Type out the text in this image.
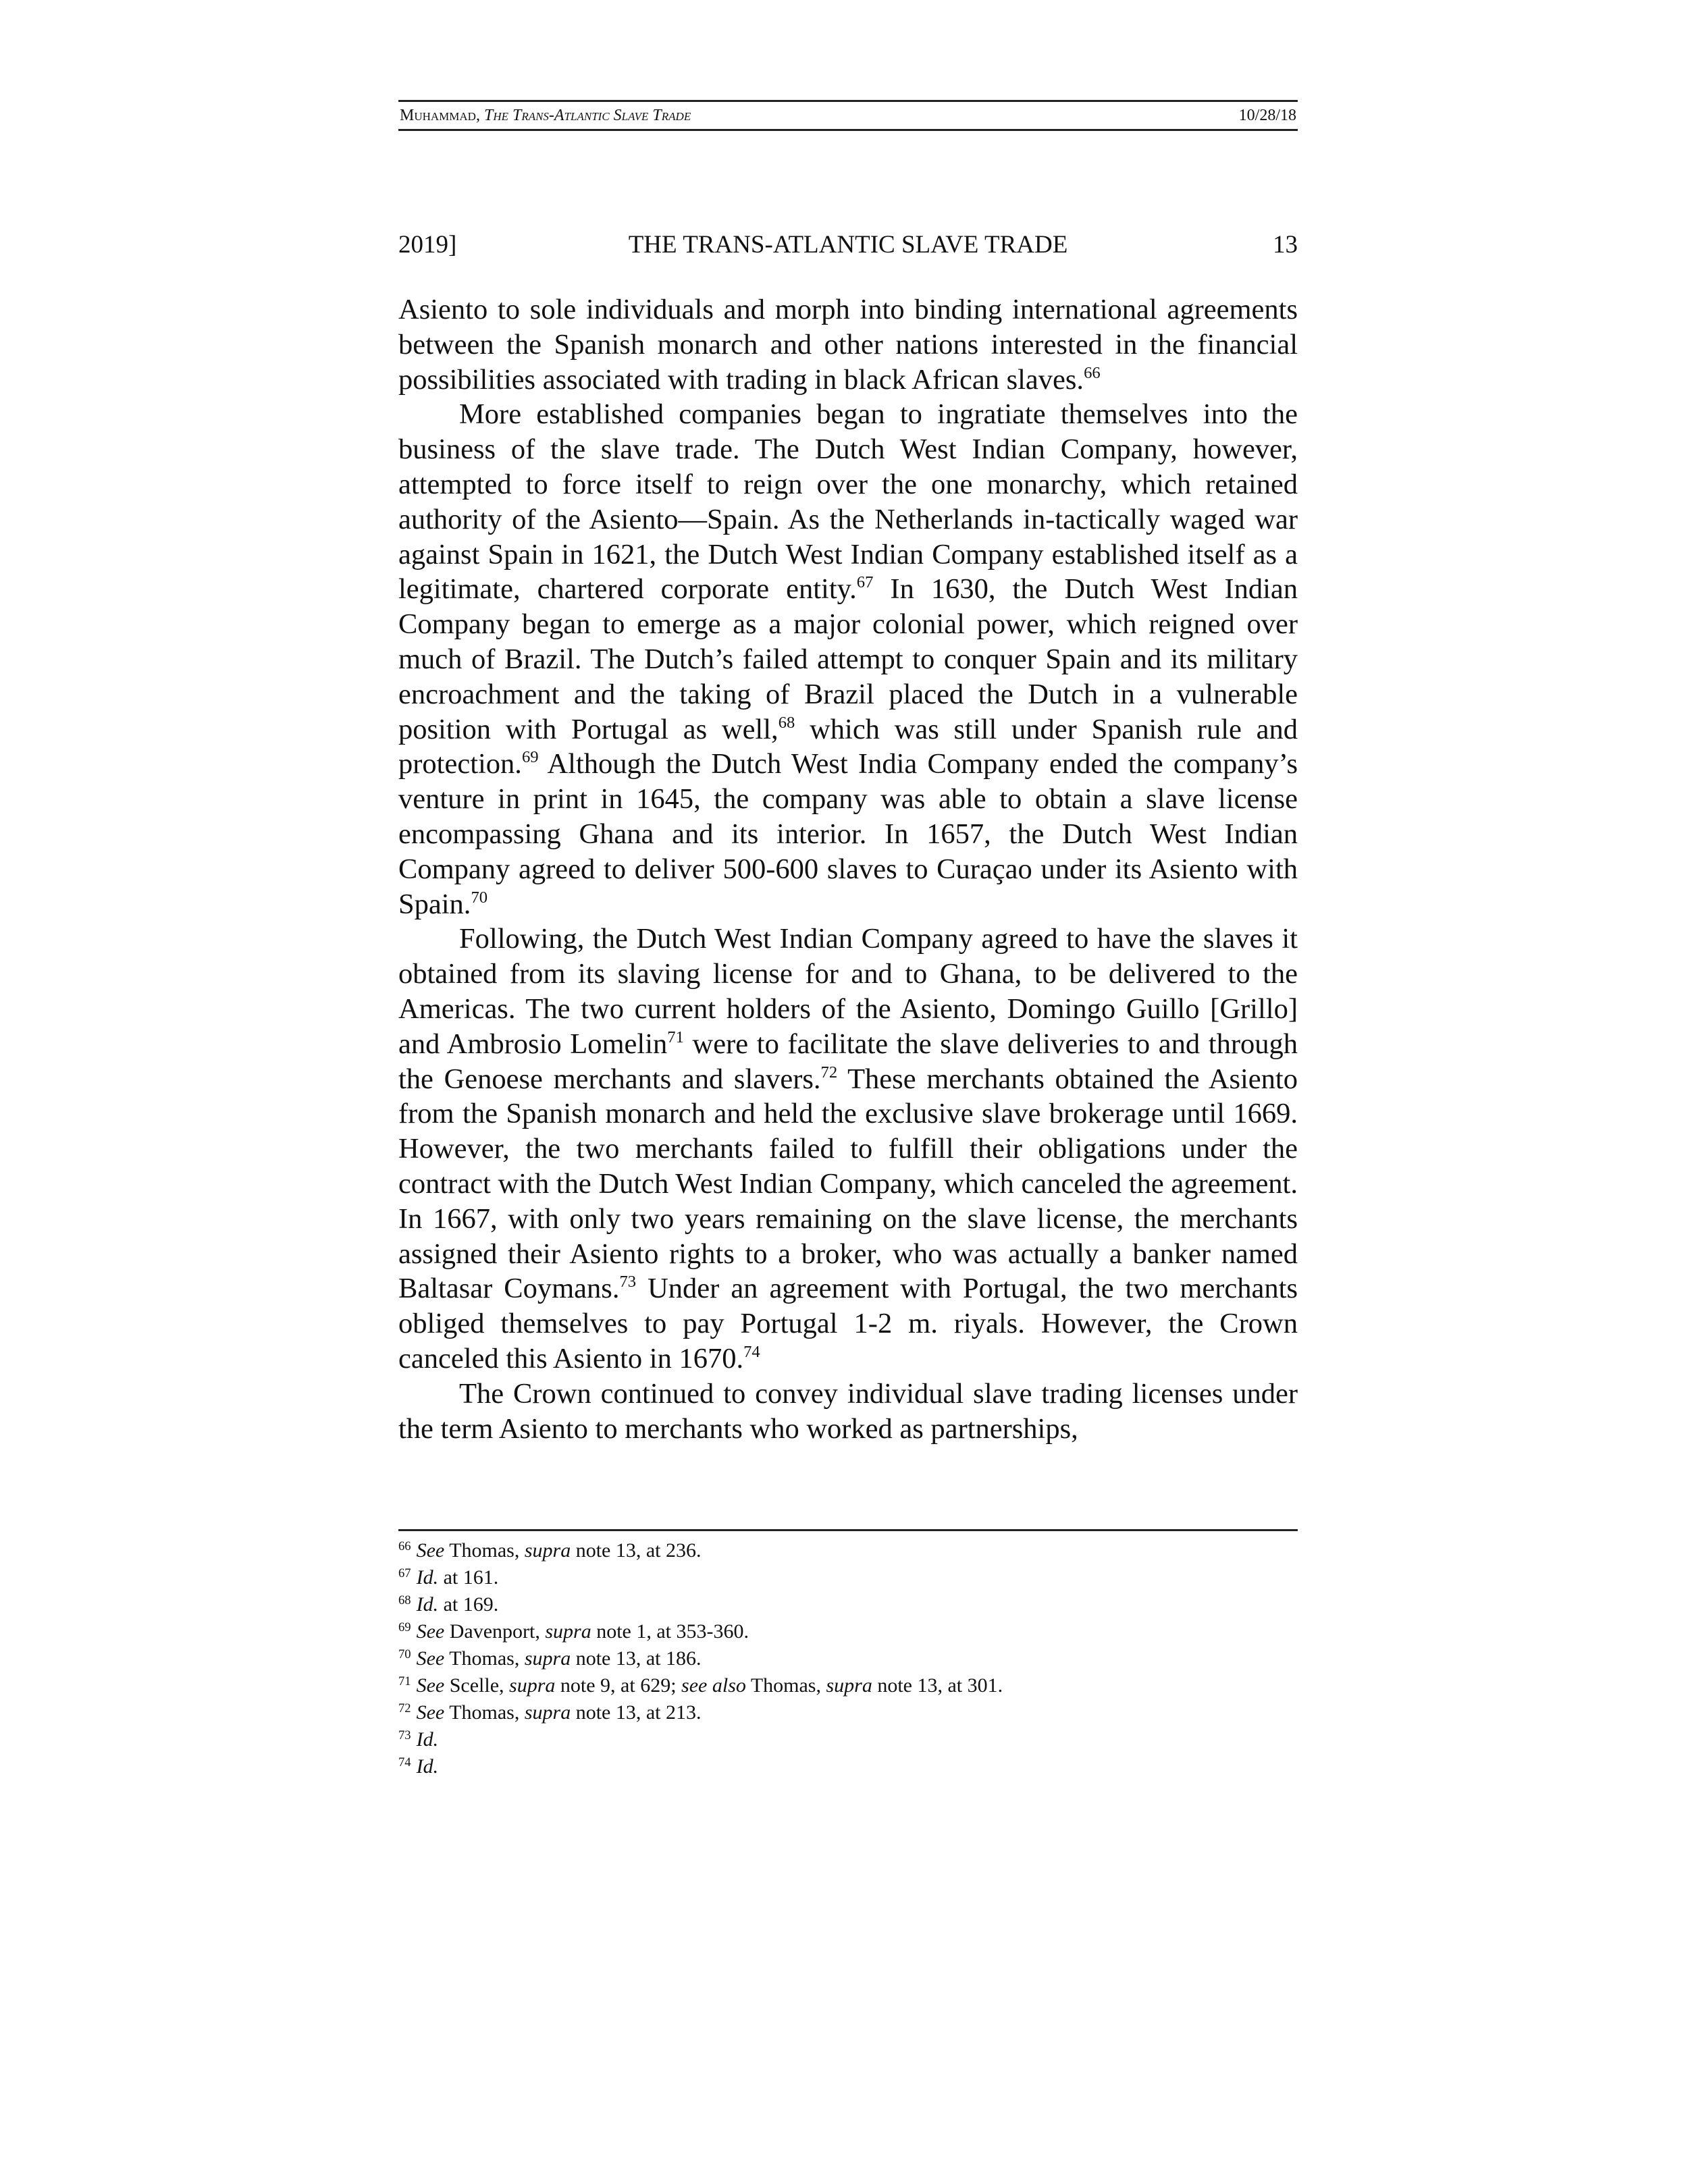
Muhammad, The Trans-Atlantic Slave Trade	10/28/18
2019]	THE TRANS-ATLANTIC SLAVE TRADE	13

Asiento to sole individuals and morph into binding international agreements between the Spanish monarch and other nations interested in the financial possibilities associated with trading in black African slaves.$^{66}$

More established companies began to ingratiate themselves into the business of the slave trade. The Dutch West Indian Company, however, attempted to force itself to reign over the one monarchy, which retained authority of the Asiento—Spain. As the Netherlands in-tactically waged war against Spain in 1621, the Dutch West Indian Company established itself as a legitimate, chartered corporate entity.$^{67}$ In 1630, the Dutch West Indian Company began to emerge as a major colonial power, which reigned over much of Brazil. The Dutch’s failed attempt to conquer Spain and its military encroachment and the taking of Brazil placed the Dutch in a vulnerable position with Portugal as well,$^{68}$ which was still under Spanish rule and protection.$^{69}$ Although the Dutch West India Company ended the company’s venture in print in 1645, the company was able to obtain a slave license encompassing Ghana and its interior. In 1657, the Dutch West Indian Company agreed to deliver 500-600 slaves to Curaçao under its Asiento with Spain.$^{70}$

Following, the Dutch West Indian Company agreed to have the slaves it obtained from its slaving license for and to Ghana, to be delivered to the Americas. The two current holders of the Asiento, Domingo Guillo [Grillo] and Ambrosio Lomelin$^{71}$ were to facilitate the slave deliveries to and through the Genoese merchants and slavers.$^{72}$ These merchants obtained the Asiento from the Spanish monarch and held the exclusive slave brokerage until 1669. However, the two merchants failed to fulfill their obligations under the contract with the Dutch West Indian Company, which canceled the agreement. In 1667, with only two years remaining on the slave license, the merchants assigned their Asiento rights to a broker, who was actually a banker named Baltasar Coymans.$^{73}$ Under an agreement with Portugal, the two merchants obliged themselves to pay Portugal 1-2 m. riyals. However, the Crown canceled this Asiento in 1670.74

The Crown continued to convey individual slave trading licenses under the term Asiento to merchants who worked as partnerships,

$^{66}$ See Thomas, supra note 13, at 236.
$^{67}$ Id. at 161.
$^{68}$ Id. at 169.
$^{69}$ See Davenport, supra note 1, at 353-360.
$^{70}$ See Thomas, supra note 13, at 186.
$^{71}$ See Scelle, supra note 9, at 629; see also Thomas, supra note 13, at 301.
$^{72}$ See Thomas, supra note 13, at 213.
$^{73}$ Id.
$^{74}$ Id.
